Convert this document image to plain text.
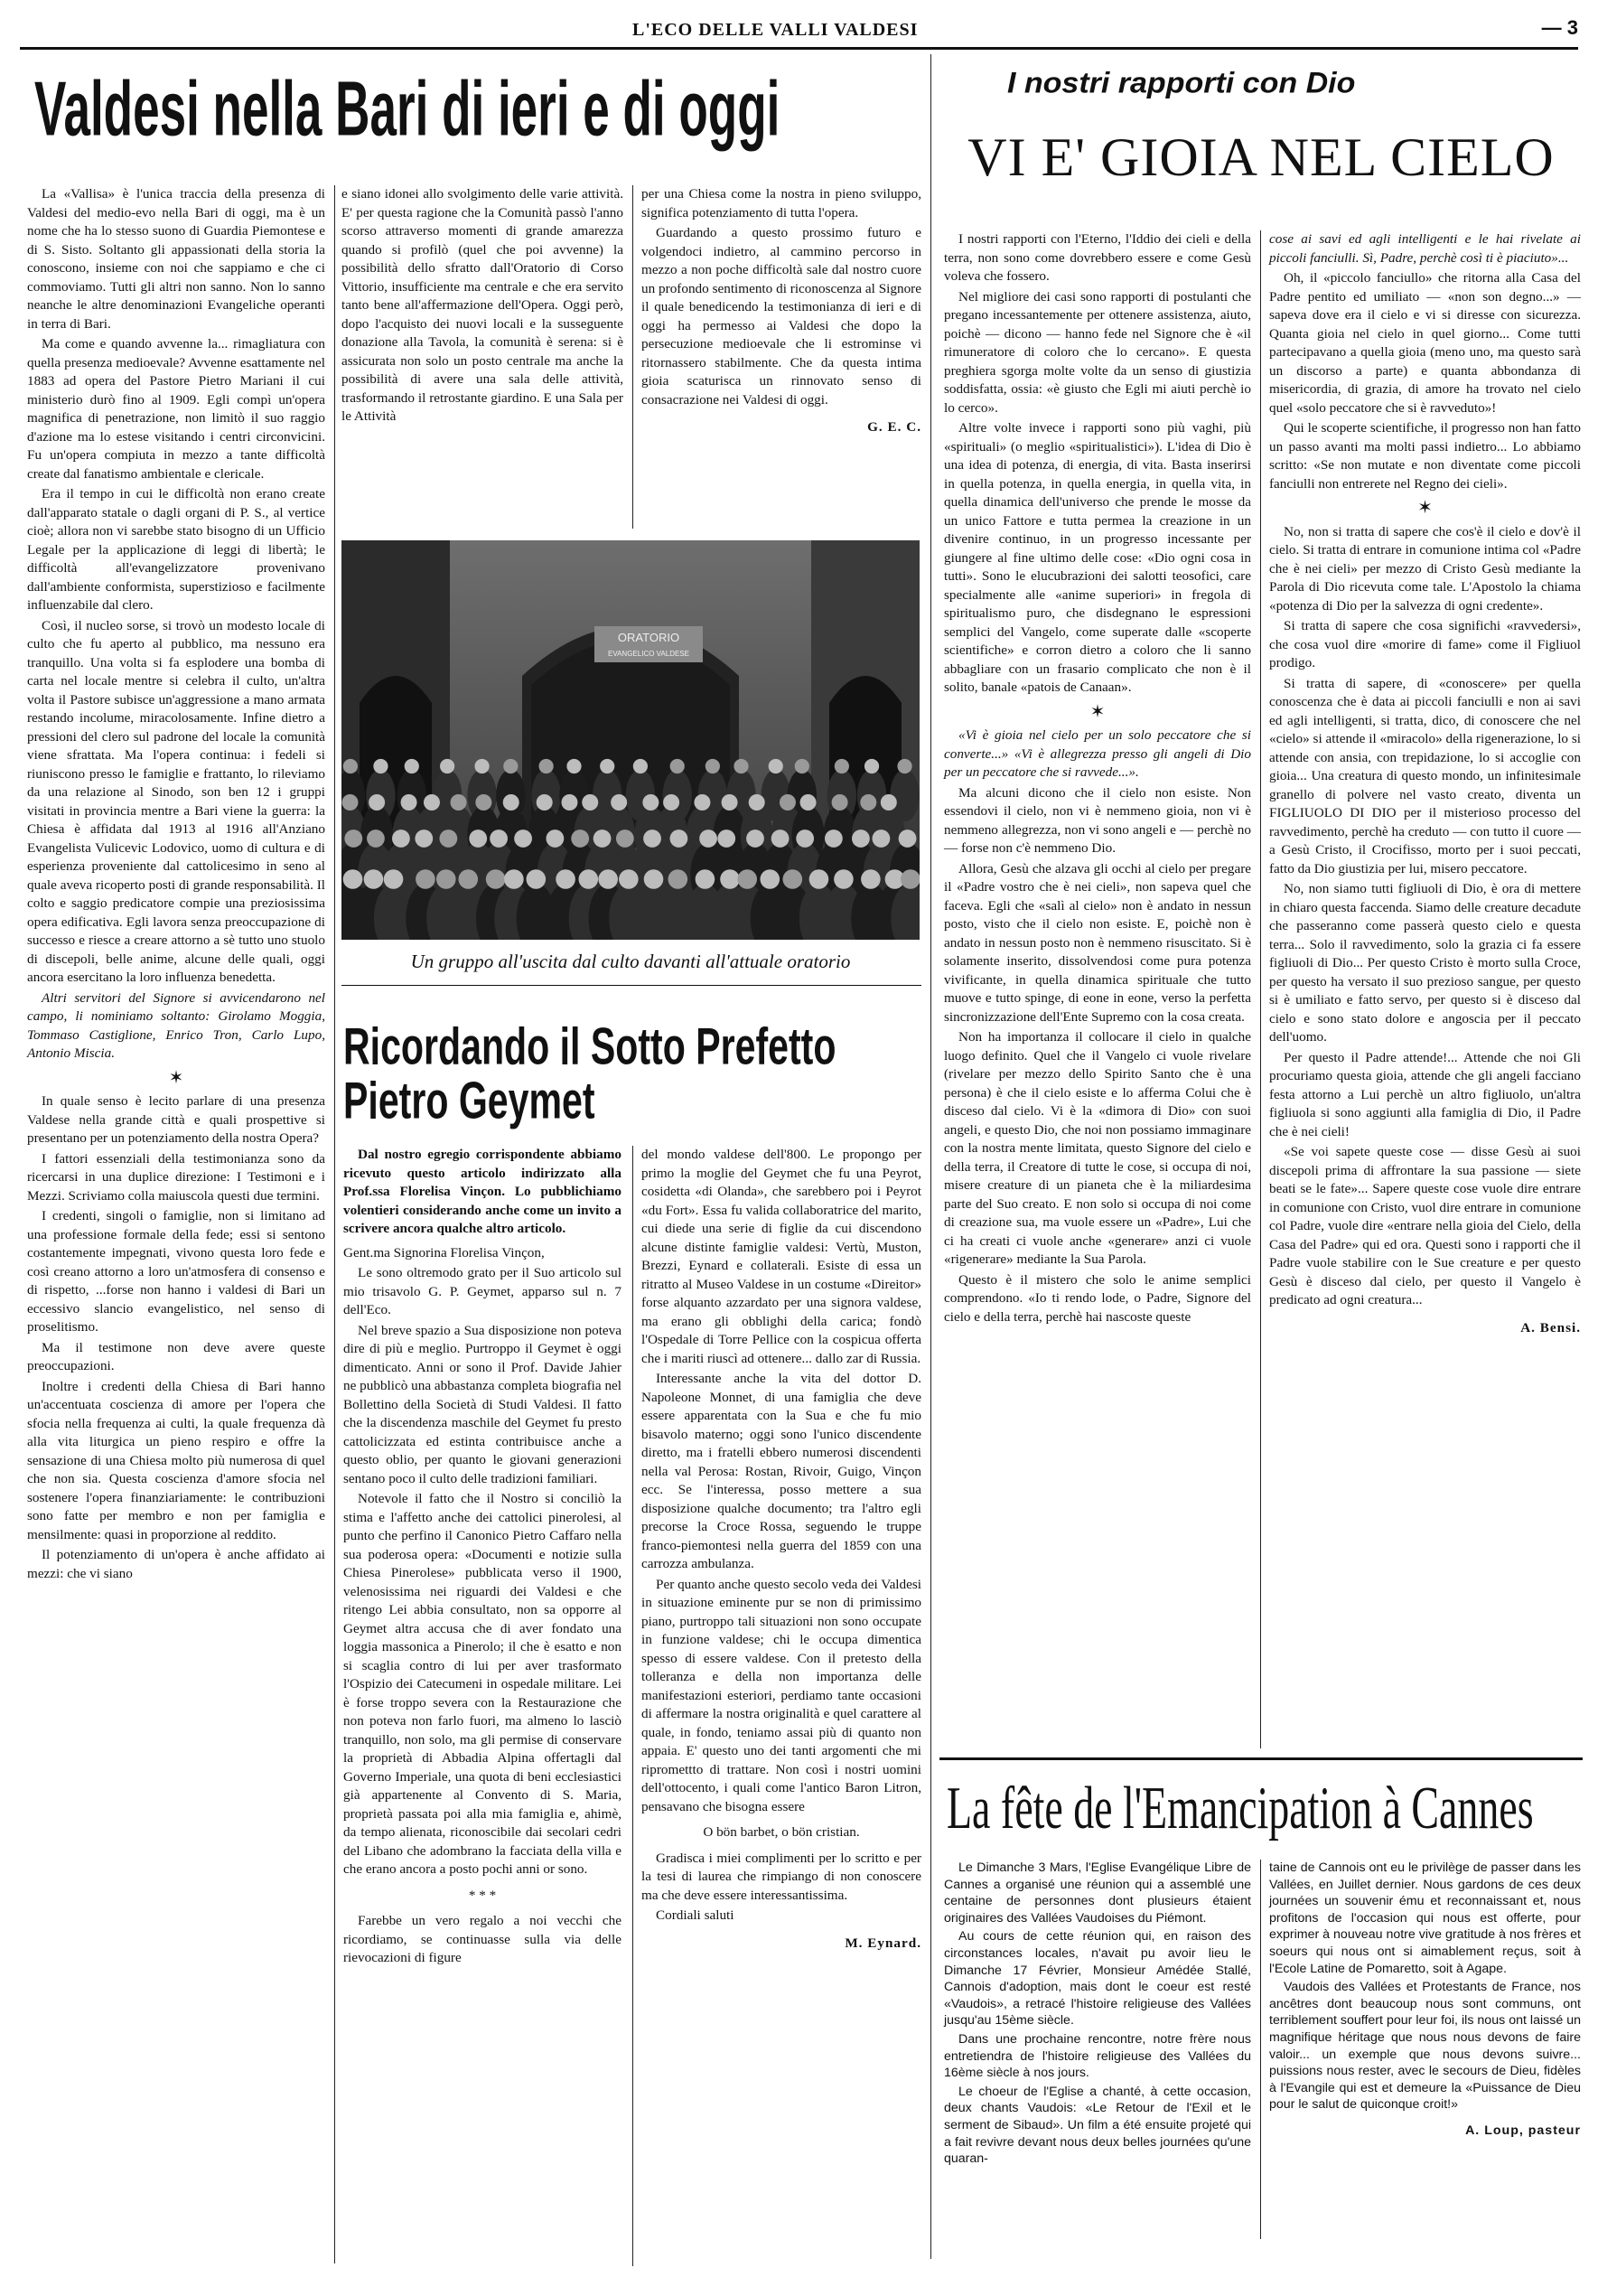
L'ECO DELLE VALLI VALDESI	— 3
Valdesi nella Bari di ieri e di oggi

La «Vallisa» è l'unica traccia della presenza di Valdesi del medio-evo nella Bari di oggi, ma è un nome che ha lo stesso suono di Guardia Piemontese e di S. Sisto. Soltanto gli appassionati della storia la conoscono, insieme con noi che sappiamo e che ci commoviamo. Tutti gli altri non sanno. Non lo sanno neanche le altre denominazioni Evangeliche operanti in terra di Bari.

Ma come e quando avvenne la... rimagliatura con quella presenza medioevale? Avvenne esattamente nel 1883 ad opera del Pastore Pietro Mariani il cui ministerio durò fino al 1909. Egli compì un'opera magnifica di penetrazione, non limitò il suo raggio d'azione ma lo estese visitando i centri circonvicini. Fu un'opera compiuta in mezzo a tante difficoltà create dal fanatismo ambientale e clericale.

Era il tempo in cui le difficoltà non erano create dall'apparato statale o dagli organi di P. S., al vertice cioè; allora non vi sarebbe stato bisogno di un Ufficio Legale per la applicazione di leggi di libertà; le difficoltà all'evangelizzatore provenivano dall'ambiente conformista, superstizioso e facilmente influenzabile dal clero.

Così, il nucleo sorse, si trovò un modesto locale di culto che fu aperto al pubblico, ma nessuno era tranquillo. Una volta si fa esplodere una bomba di carta nel locale mentre si celebra il culto, un'altra volta il Pastore subisce un'aggressione a mano armata restando incolume, miracolosamente. Infine dietro a pressioni del clero sul padrone del locale la comunità viene sfrattata. Ma l'opera continua: i fedeli si riuniscono presso le famiglie e frattanto, lo rileviamo da una relazione al Sinodo, son ben 12 i gruppi visitati in provincia mentre a Bari viene la guerra: la Chiesa è affidata dal 1913 al 1916 all'Anziano Evangelista Vulicevic Lodovico, uomo di cultura e di esperienza proveniente dal cattolicesimo in seno al quale aveva ricoperto posti di grande responsabilità. Il colto e saggio predicatore compie una preziosissima opera edificativa. Egli lavora senza preoccupazione di successo e riesce a creare attorno a sè tutto uno stuolo di discepoli, belle anime, alcune delle quali, oggi ancora esercitano la loro influenza benedetta.

Altri servitori del Signore si avvicendarono nel campo, li nominiamo soltanto: Girolamo Moggia, Tommaso Castiglione, Enrico Tron, Carlo Lupo, Antonio Miscia.

✶

In quale senso è lecito parlare di una presenza Valdese nella grande città e quali prospettive si presentano per un potenziamento della nostra Opera?

I fattori essenziali della testimonianza sono da ricercarsi in una duplice direzione: I Testimoni e i Mezzi. Scriviamo colla maiuscola questi due termini.

I credenti, singoli o famiglie, non si limitano ad una professione formale della fede; essi si sentono costantemente impegnati, vivono questa loro fede e così creano attorno a loro un'atmosfera di consenso e di rispetto, ...forse non hanno i valdesi di Bari un eccessivo slancio evangelistico, nel senso di proselitismo.

Ma il testimone non deve avere queste preoccupazioni.

Inoltre i credenti della Chiesa di Bari hanno un'accentuata coscienza di amore per l'opera che sfocia nella frequenza ai culti, la quale frequenza dà alla vita liturgica un pieno respiro e offre la sensazione di una Chiesa molto più numerosa di quel che non sia. Questa coscienza d'amore sfocia nel sostenere l'opera finanziariamente: le contribuzioni sono fatte per membro e non per famiglia e mensilmente: quasi in proporzione al reddito.

Il potenziamento di un'opera è anche affidato ai mezzi: che vi siano

e siano idonei allo svolgimento delle varie attività. E' per questa ragione che la Comunità passò l'anno scorso attraverso momenti di grande amarezza quando si profilò (quel che poi avvenne) la possibilità dello sfratto dall'Oratorio di Corso Vittorio, insufficiente ma centrale e che era servito tanto bene all'affermazione dell'Opera. Oggi però, dopo l'acquisto dei nuovi locali e la susseguente donazione alla Tavola, la comunità è serena: si è assicurata non solo un posto centrale ma anche la possibilità di avere una sala delle attività, trasformando il retrostante giardino. E una Sala per le Attività

per una Chiesa come la nostra in pieno sviluppo, significa potenziamento di tutta l'opera.

Guardando a questo prossimo futuro e volgendoci indietro, al cammino percorso in mezzo a non poche difficoltà sale dal nostro cuore un profondo sentimento di riconoscenza al Signore il quale benedicendo la testimonianza di ieri e di oggi ha permesso ai Valdesi che dopo la persecuzione medioevale che li estrominse vi ritornassero stabilmente. Che da questa intima gioia scaturisca un rinnovato senso di consacrazione nei Valdesi di oggi.

G. E. C.

ORATORIO
EVANGELICO VALDESE
Un gruppo all'uscita dal culto davanti all'attuale oratorio
Ricordando il Sotto Prefetto
Pietro Geymet

Dal nostro egregio corrispondente abbiamo ricevuto questo articolo indirizzato alla Prof.ssa Florelisa Vinçon. Lo pubblichiamo volentieri considerando anche come un invito a scrivere ancora qualche altro articolo.

Gent.ma Signorina Florelisa Vinçon,

Le sono oltremodo grato per il Suo articolo sul mio trisavolo G. P. Geymet, apparso sul n. 7 dell'Eco.

Nel breve spazio a Sua disposizione non poteva dire di più e meglio. Purtroppo il Geymet è oggi dimenticato. Anni or sono il Prof. Davide Jahier ne pubblicò una abbastanza completa biografia nel Bollettino della Società di Studi Valdesi. Il fatto che la discendenza maschile del Geymet fu presto cattolicizzata ed estinta contribuisce anche a questo oblio, per quanto le giovani generazioni sentano poco il culto delle tradizioni familiari.

Notevole il fatto che il Nostro si conciliò la stima e l'affetto anche dei cattolici pinerolesi, al punto che perfino il Canonico Pietro Caffaro nella sua poderosa opera: «Documenti e notizie sulla Chiesa Pinerolese» pubblicata verso il 1900, velenosissima nei riguardi dei Valdesi e che ritengo Lei abbia consultato, non sa opporre al Geymet altra accusa che di aver fondato una loggia massonica a Pinerolo; il che è esatto e non si scaglia contro di lui per aver trasformato l'Ospizio dei Catecumeni in ospedale militare. Lei è forse troppo severa con la Restaurazione che non poteva non farlo fuori, ma almeno lo lasciò tranquillo, non solo, ma gli permise di conservare la proprietà di Abbadia Alpina offertagli dal Governo Imperiale, una quota di beni ecclesiastici già appartenente al Convento di S. Maria, proprietà passata poi alla mia famiglia e, ahimè, da tempo alienata, riconoscibile dai secolari cedri del Libano che adombrano la facciata della villa e che erano ancora a posto pochi anni or sono.

* * *

Farebbe un vero regalo a noi vecchi che ricordiamo, se continuasse sulla via delle rievocazioni di figure

del mondo valdese dell'800. Le propongo per primo la moglie del Geymet che fu una Peyrot, cosidetta «di Olanda», che sarebbero poi i Peyrot «du Fort». Essa fu valida collaboratrice del marito, cui diede una serie di figlie da cui discendono alcune distinte famiglie valdesi: Vertù, Muston, Brezzi, Eynard e collaterali. Esiste di essa un ritratto al Museo Valdese in un costume «Direitor» forse alquanto azzardato per una signora valdese, ma erano gli obblighi della carica; fondò l'Ospedale di Torre Pellice con la cospicua offerta che i mariti riuscì ad ottenere... dallo zar di Russia.

Interessante anche la vita del dottor D. Napoleone Monnet, di una famiglia che deve essere apparentata con la Sua e che fu mio bisavolo materno; oggi sono l'unico discendente diretto, ma i fratelli ebbero numerosi discendenti nella val Perosa: Rostan, Rivoir, Guigo, Vinçon ecc. Se l'interessa, posso mettere a sua disposizione qualche documento; tra l'altro egli precorse la Croce Rossa, seguendo le truppe franco-piemontesi nella guerra del 1859 con una carrozza ambulanza.

Per quanto anche questo secolo veda dei Valdesi in situazione eminente pur se non di primissimo piano, purtroppo tali situazioni non sono occupate in funzione valdese; chi le occupa dimentica spesso di essere valdese. Con il pretesto della tolleranza e della non importanza delle manifestazioni esteriori, perdiamo tante occasioni di affermare la nostra originalità e quel carattere al quale, in fondo, teniamo assai più di quanto non appaia. E' questo uno dei tanti argomenti che mi ripromettto di trattare. Non così i nostri uomini dell'ottocento, i quali come l'antico Baron Litron, pensavano che bisogna essere

O bön barbet, o bön cristian.

Gradisca i miei complimenti per lo scritto e per la tesi di laurea che rimpiango di non conoscere ma che deve essere interessantissima.

Cordiali saluti

M. Eynard.

I nostri rapporti con Dio
VI E' GIOIA NEL CIELO

I nostri rapporti con l'Eterno, l'Iddio dei cieli e della terra, non sono come dovrebbero essere e come Gesù voleva che fossero.

Nel migliore dei casi sono rapporti di postulanti che pregano incessantemente per ottenere assistenza, aiuto, poichè — dicono — hanno fede nel Signore che è «il rimuneratore di coloro che lo cercano». E questa preghiera sgorga molte volte da un senso di giustizia soddisfatta, ossia: «è giusto che Egli mi aiuti perchè io lo cerco».

Altre volte invece i rapporti sono più vaghi, più «spirituali» (o meglio «spiritualistici»). L'idea di Dio è una idea di potenza, di energia, di vita. Basta inserirsi in quella potenza, in quella energia, in quella vita, in quella dinamica dell'universo che prende le mosse da un unico Fattore e tutta permea la creazione in un divenire continuo, in un progresso incessante per giungere al fine ultimo delle cose: «Dio ogni cosa in tutti». Sono le elucubrazioni dei salotti teosofici, care specialmente alle «anime superiori» in fregola di spiritualismo puro, che disdegnano le espressioni semplici del Vangelo, come superate dalle «scoperte scientifiche» e corron dietro a coloro che li sanno abbagliare con un frasario complicato che non è il solito, banale «patois de Canaan».

✶

«Vi è gioia nel cielo per un solo peccatore che si converte...» «Vi è allegrezza presso gli angeli di Dio per un peccatore che si ravvede...».

Ma alcuni dicono che il cielo non esiste. Non essendovi il cielo, non vi è nemmeno gioia, non vi è nemmeno allegrezza, non vi sono angeli e — perchè no — forse non c'è nemmeno Dio.

Allora, Gesù che alzava gli occhi al cielo per pregare il «Padre vostro che è nei cieli», non sapeva quel che faceva. Egli che «salì al cielo» non è andato in nessun posto, visto che il cielo non esiste. E, poichè non è andato in nessun posto non è nemmeno risuscitato. Si è solamente inserito, dissolvendosi come pura potenza vivificante, in quella dinamica spirituale che tutto muove e tutto spinge, di eone in eone, verso la perfetta sincronizzazione dell'Ente Supremo con la cosa creata.

Non ha importanza il collocare il cielo in qualche luogo definito. Quel che il Vangelo ci vuole rivelare (rivelare per mezzo dello Spirito Santo che è una persona) è che il cielo esiste e lo afferma Colui che è disceso dal cielo. Vi è la «dimora di Dio» con suoi angeli, e questo Dio, che noi non possiamo immaginare con la nostra mente limitata, questo Signore del cielo e della terra, il Creatore di tutte le cose, si occupa di noi, misere creature di un pianeta che è la miliardesima parte del Suo creato. E non solo si occupa di noi come di creazione sua, ma vuole essere un «Padre», Lui che ci ha creati ci vuole anche «generare» anzi ci vuole «rigenerare» mediante la Sua Parola.

Questo è il mistero che solo le anime semplici comprendono. «Io ti rendo lode, o Padre, Signore del cielo e della terra, perchè hai nascoste queste

cose ai savi ed agli intelligenti e le hai rivelate ai piccoli fanciulli. Sì, Padre, perchè così ti è piaciuto»...

Oh, il «piccolo fanciullo» che ritorna alla Casa del Padre pentito ed umiliato — «non son degno...» — sapeva dove era il cielo e vi si diresse con sicurezza. Quanta gioia nel cielo in quel giorno... Come tutti partecipavano a quella gioia (meno uno, ma questo sarà un discorso a parte) e quanta abbondanza di misericordia, di grazia, di amore ha trovato nel cielo quel «solo peccatore che si è ravveduto»!

Qui le scoperte scientifiche, il progresso non han fatto un passo avanti ma molti passi indietro... Lo abbiamo scritto: «Se non mutate e non diventate come piccoli fanciulli non entrerete nel Regno dei cieli».

✶

No, non si tratta di sapere che cos'è il cielo e dov'è il cielo. Si tratta di entrare in comunione intima col «Padre che è nei cieli» per mezzo di Cristo Gesù mediante la Parola di Dio ricevuta come tale. L'Apostolo la chiama «potenza di Dio per la salvezza di ogni credente».

Si tratta di sapere che cosa significhi «ravvedersi», che cosa vuol dire «morire di fame» come il Figliuol prodigo.

Si tratta di sapere, di «conoscere» per quella conoscenza che è data ai piccoli fanciulli e non ai savi ed agli intelligenti, si tratta, dico, di conoscere che nel «cielo» si attende il «miracolo» della rigenerazione, lo si attende con ansia, con trepidazione, lo si accoglie con gioia... Una creatura di questo mondo, un infinitesimale granello di polvere nel vasto creato, diventa un FIGLIUOLO DI DIO per il misterioso processo del ravvedimento, perchè ha creduto — con tutto il cuore — a Gesù Cristo, il Crocifisso, morto per i suoi peccati, fatto da Dio giustizia per lui, misero peccatore.

No, non siamo tutti figliuoli di Dio, è ora di mettere in chiaro questa faccenda. Siamo delle creature decadute che passeranno come passerà questo cielo e questa terra... Solo il ravvedimento, solo la grazia ci fa essere figliuoli di Dio... Per questo Cristo è morto sulla Croce, per questo ha versato il suo prezioso sangue, per questo si è umiliato e fatto servo, per questo si è disceso dal cielo e sono stato dolore e angoscia per il peccato dell'uomo.

Per questo il Padre attende!... Attende che noi Gli procuriamo questa gioia, attende che gli angeli facciano festa attorno a Lui perchè un altro figliuolo, un'altra figliuola si sono aggiunti alla famiglia di Dio, il Padre che è nei cieli!

«Se voi sapete queste cose — disse Gesù ai suoi discepoli prima di affrontare la sua passione — siete beati se le fate»... Sapere queste cose vuole dire entrare in comunione con Cristo, vuol dire entrare in comunione col Padre, vuole dire «entrare nella gioia del Cielo, della Casa del Padre» qui ed ora. Questi sono i rapporti che il Padre vuole stabilire con le Sue creature e per questo Gesù è disceso dal cielo, per questo il Vangelo è predicato ad ogni creatura...

A. Bensi.

La fête de l'Emancipation à Cannes

Le Dimanche 3 Mars, l'Eglise Evangélique Libre de Cannes a organisé une réunion qui a assemblé une centaine de personnes dont plusieurs étaient originaires des Vallées Vaudoises du Piémont.

Au cours de cette réunion qui, en raison des circonstances locales, n'avait pu avoir lieu le Dimanche 17 Février, Monsieur Amédée Stallé, Cannois d'adoption, mais dont le coeur est resté «Vaudois», a retracé l'histoire religieuse des Vallées jusqu'au 15ème siècle.

Dans une prochaine rencontre, notre frère nous entretiendra de l'histoire religieuse des Vallées du 16ème siècle à nos jours.

Le choeur de l'Eglise a chanté, à cette occasion, deux chants Vaudois: «Le Retour de l'Exil et le serment de Sibaud». Un film a été ensuite projeté qui a fait revivre devant nous deux belles journées qu'une quaran-

taine de Cannois ont eu le privilège de passer dans les Vallées, en Juillet dernier. Nous gardons de ces deux journées un souvenir ému et reconnaissant et, nous profitons de l'occasion qui nous est offerte, pour exprimer à nouveau notre vive gratitude à nos frères et soeurs qui nous ont si aimablement reçus, soit à l'Ecole Latine de Pomaretto, soit à Agape.

Vaudois des Vallées et Protestants de France, nos ancêtres dont beaucoup nous sont communs, ont terriblement souffert pour leur foi, ils nous ont laissé un magnifique héritage que nous nous devons de faire valoir... un exemple que nous devons suivre... puissions nous rester, avec le secours de Dieu, fidèles à l'Evangile qui est et demeure la «Puissance de Dieu pour le salut de quiconque croit!»

A. Loup, pasteur
